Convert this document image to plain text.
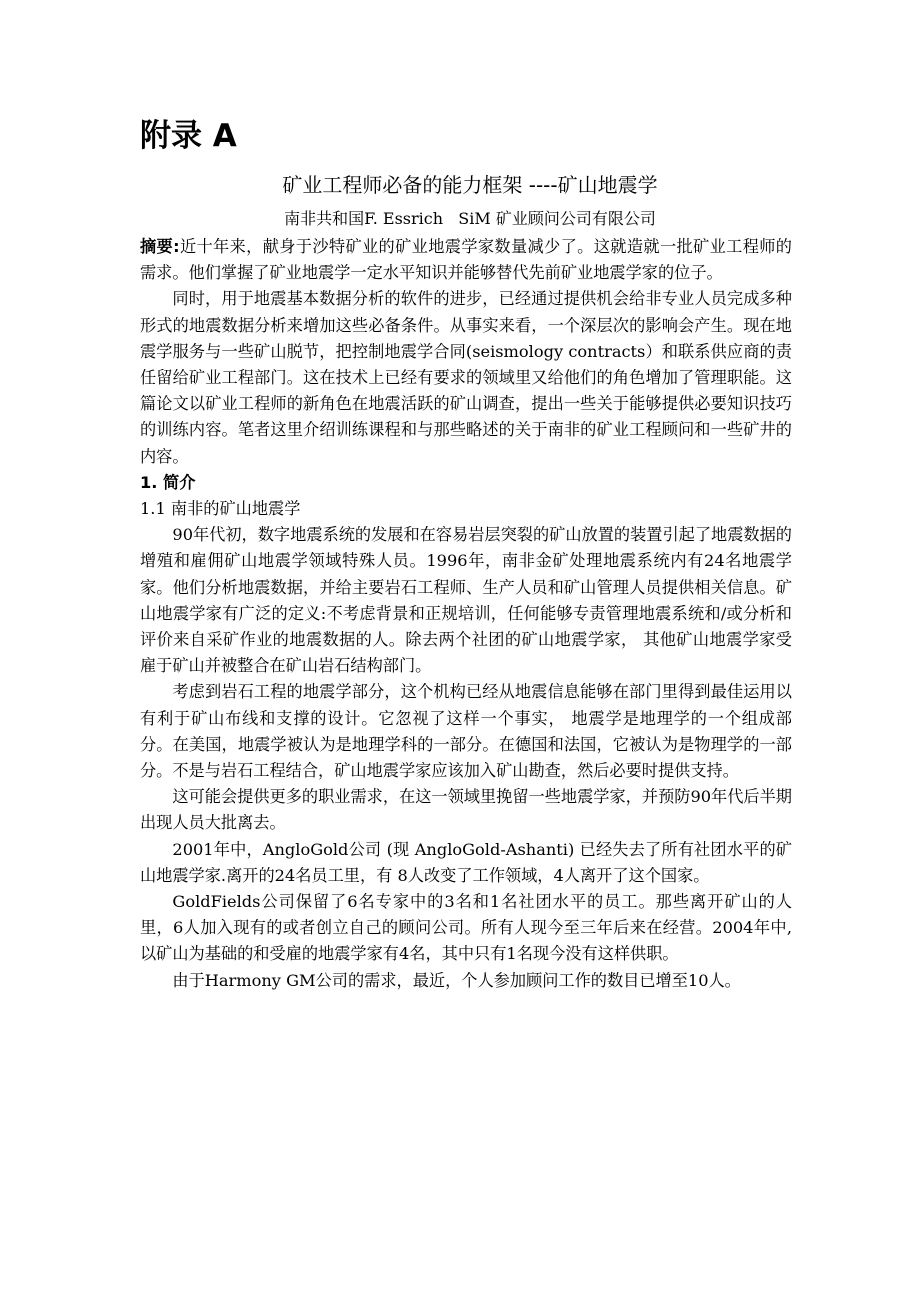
附录 A
矿业工程师必备的能力框架 ----矿山地震学
南非共和国F. Essrich   SiM 矿业顾问公司有限公司

摘要:近十年来，献身于沙特矿业的矿业地震学家数量减少了。这就造就一批矿业工程师的需求。他们掌握了矿业地震学一定水平知识并能够替代先前矿业地震学家的位子。

同时，用于地震基本数据分析的软件的进步，已经通过提供机会给非专业人员完成多种形式的地震数据分析来增加这些必备条件。从事实来看，一个深层次的影响会产生。现在地震学服务与一些矿山脱节，把控制地震学合同(seismology contracts）和联系供应商的责任留给矿业工程部门。这在技术上已经有要求的领域里又给他们的角色增加了管理职能。这篇论文以矿业工程师的新角色在地震活跃的矿山调查，提出一些关于能够提供必要知识技巧的训练内容。笔者这里介绍训练课程和与那些略述的关于南非的矿业工程顾问和一些矿井的内容。

1. 简介

1.1 南非的矿山地震学

90年代初，数字地震系统的发展和在容易岩层突裂的矿山放置的装置引起了地震数据的增殖和雇佣矿山地震学领域特殊人员。1996年，南非金矿处理地震系统内有24名地震学家。他们分析地震数据，并给主要岩石工程师、生产人员和矿山管理人员提供相关信息。矿山地震学家有广泛的定义:不考虑背景和正规培训，任何能够专责管理地震系统和/或分析和评价来自采矿作业的地震数据的人。除去两个社团的矿山地震学家， 其他矿山地震学家受雇于矿山并被整合在矿山岩石结构部门。

考虑到岩石工程的地震学部分，这个机构已经从地震信息能够在部门里得到最佳运用以有利于矿山布线和支撑的设计。它忽视了这样一个事实， 地震学是地理学的一个组成部分。在美国，地震学被认为是地理学科的一部分。在德国和法国，它被认为是物理学的一部分。不是与岩石工程结合，矿山地震学家应该加入矿山勘查，然后必要时提供支持。

这可能会提供更多的职业需求，在这一领域里挽留一些地震学家，并预防90年代后半期出现人员大批离去。

2001年中，AngloGold公司 (现 AngloGold-Ashanti) 已经失去了所有社团水平的矿山地震学家.离开的24名员工里，有 8人改变了工作领域，4人离开了这个国家。

GoldFields公司保留了6名专家中的3名和1名社团水平的员工。那些离开矿山的人里，6人加入现有的或者创立自己的顾问公司。所有人现今至三年后来在经营。2004年中,以矿山为基础的和受雇的地震学家有4名，其中只有1名现今没有这样供职。

由于Harmony GM公司的需求，最近，个人参加顾问工作的数目已增至10人。
